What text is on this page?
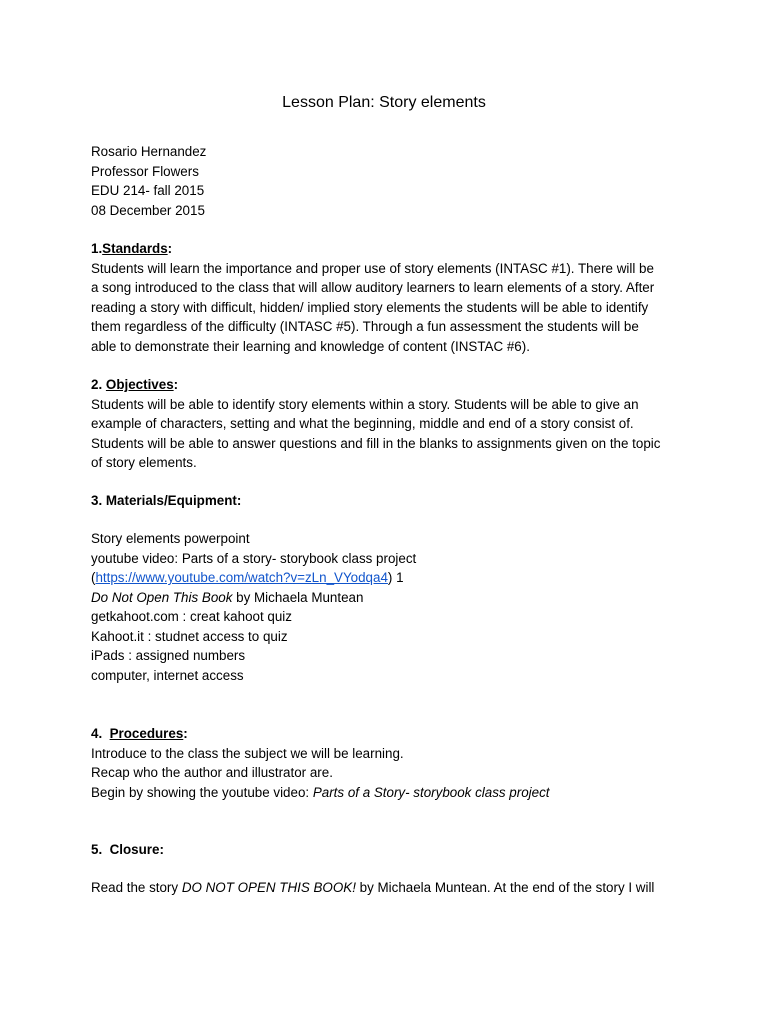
Lesson Plan: Story elements
Rosario Hernandez
Professor Flowers
EDU 214- fall 2015
08 December 2015
1.Standards:
Students will learn the importance and proper use of story elements (INTASC #1). There will be
a song introduced to the class that will allow auditory learners to learn elements of a story. After
reading a story with difficult, hidden/ implied story elements the students will be able to identify
them regardless of the difficulty (INTASC #5). Through a fun assessment the students will be
able to demonstrate their learning and knowledge of content (INSTAC #6).
2. Objectives:
Students will be able to identify story elements within a story. Students will be able to give an
example of characters, setting and what the beginning, middle and end of a story consist of.
Students will be able to answer questions and fill in the blanks to assignments given on the topic
of story elements.
3. Materials/Equipment:
Story elements powerpoint
youtube video: Parts of a story- storybook class project
(https://www.youtube.com/watch?v=zLn_VYodqa4) 1
Do Not Open This Book by Michaela Muntean
getkahoot.com : creat kahoot quiz
Kahoot.it : studnet access to quiz
iPads : assigned numbers
computer, internet access
4.  Procedures:
Introduce to the class the subject we will be learning.
Recap who the author and illustrator are.
Begin by showing the youtube video: Parts of a Story- storybook class project
5.  Closure:
Read the story DO NOT OPEN THIS BOOK! by Michaela Muntean. At the end of the story I will
